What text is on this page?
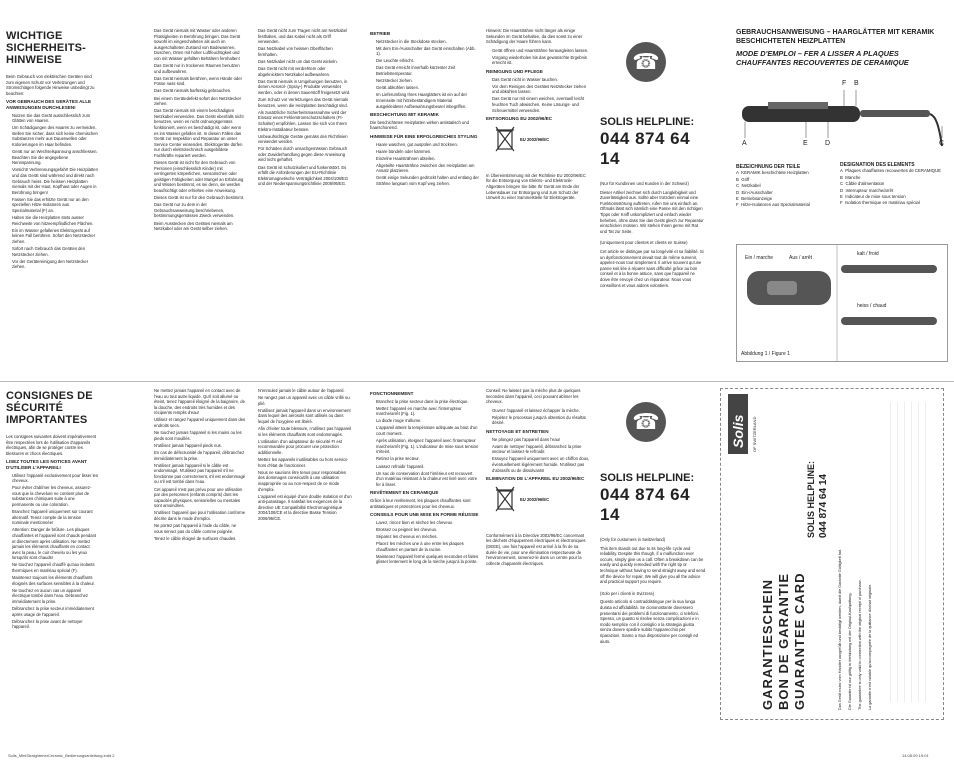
WICHTIGE SICHERHEITS-HINWEISE

Beim Gebrauch von elektrischen Geräten sind zum eigenen Schutz vor Verletzungen und Stromschlägen folgende Hinweise unbedingt zu beachten:

VOR GEBRAUCH DES GERÄTES ALLE ANWEISUNGEN DURCHLESEN!
• Nutzen Sie das Gerät ausschliesslich zum Glätten von Haaren.
• Um Schädigungen des Haares zu vermeiden, stellen Sie sicher, dass sich keine chemischen Substanzen mehr aus Dauerwellen oder Kolorierungen im Haar befinden.
• Gerät nur an Wechselspannung anschliessen. Beachten Sie die angegebene Nennspannung.
• Vorsicht! Verbrennungsgefahr! Die Heizplatten und das Gerät sind während und direkt nach Gebrauch heiss. Die heissen Heizplatten niemals mit der Haut, Kopfhaut oder Augen in Berührung bringen!
• Fassen Sie das erhitzte Gerät nur an den speziellen Hitze-Isolatoren aus Spezialmaterial (F) an.
• Halten Sie die Heizplatten stets ausser Reichweite von hitzeempfindlichen Flächen.
• Ein im Wasser gefallenes Elektrogerät auf keinen Fall berühren. Sofort den Netzstecker ziehen.
• Sofort nach Gebrauch das Gerätes den Netzstecker ziehen.
• Vor der Gerätereinigung den Netzstecker ziehen.
• Das Gerät niemals mit Wasser oder anderen Flüssigkeiten in Berührung bringen. Das Gerät sowohl im eingeschalteten als auch im ausgeschalteten Zustand von Badewannen, Duschen, Orten mit hoher Luftfeuchtigkeit und von mit Wasser gefüllten Behältern fernhalten!
• Das Gerät nur in trockenen Räumen benutzen und aufbewahren.
• Das Gerät niemals berühren, wenn Hände oder Füsse nass sind.
• Das Gerät niemals barfüssig gebrauchen.
• Bei einem Gerätedefekt sofort den Netzstecker ziehen.
• Das Gerät niemals mit einem beschädigten Netzkabel verwenden. Das Gerät ebenfalls nicht benutzen, wenn es nicht ordnungsgemäss funktioniert, wenn es beschädigt ist, oder wenn es ins Wasser gefallen ist. In diesen Fällen das Gerät zur Inspektion und Reparatur an unser Service Center einsenden. Elektrogeräte dürfen nur durch elektrotechnisch ausgebildete Fachkräfte repariert werden.
• Dieses Gerät ist nicht für den Gebrauch von Personen (einschliesslich Kinder) mit verringerten körperlichen, sensorischen oder geistigen Fähigkeiten oder Mangel an Erfahrung und Wissen bestimmt, es sei denn, sie werden beaufsichtigt oder erhielten eine Anweisung.
• Dieses Gerät ist nur für den Gebrauch bestimmt.
• Das Gerät nur zu dem in der Gebrauchsanweisung beschriebenen, bestimmungsgemässen Zweck verwenden.
• Beim Ausstecken des Gerätes niemals am Netzkabel oder am Gerät selber ziehen.
• Das Gerät nicht zum Tragen nicht am Netzkabel festhalten, und das Kabel nicht als Griff verwenden.
• Das Netzkabel von heissen Oberflächen fernhalten.
• Das Netzkabel nicht um das Gerät wickeln.
• Das Gerät nicht mit verdrehtem oder abgeknicktem Netzkabel aufbewahren.
• Das Gerät niemals in Umgebungen benutzen, in denen Aerosol- (Spray-) Produkte verwendet werden, oder in denen Sauerstoff freigesetzt wird.
• Zum Schutz vor Verletzungen das Gerät niemals benutzen, wenn die Heizplatten beschädigt sind.
• Als zusätzliche Sicherheitsmassnahme wird der Einsatz eines Fehlerstromschutzschalters (FI-Schalter) empfohlen. Lassen Sie sich von Ihrem Elektro-Installateur beraten.
• Unbeaufsichtigte Geräte gemäss den Richtlinien verwendet werden.
• Für Schäden durch unsachgemässen Gebrauch oder Zuwiderhandlung gegen diese Anweisung wird nicht gehaftet.
• Das Gerät ist schutzisoliert und funkentstört. Es erfüllt die Anforderungen der EU-Richtlinie Elektromagnetische Verträglichkeit 2004/108/EG und der Niederspannungsrichtlinie 2006/95/EG.
BETRIEB
• Netzstecker in die Steckdose stecken.
• Mit dem Ein-/Ausschalter das Gerät einschalten (Abb. 1).
• Die Leuchte erlischt.
• Das Gerät erreicht innerhalb kürzester Zeit Betriebstemperatur.
• Netzstecker ziehen.
• Gerät abkühlen lassen.
• Im Lieferumfang Ihres Haarglätters ist ein auf der Innenseite mit hitzebeständigem Material ausgekleideter Aufbewahrungsbeutel inbegriffen.
BESCHICHTUNG MIT KERAMIK

Die beschichteten Heizplatten wirken antistatisch und haarschonend.

HINWEISE FÜR EINE ERFOLGREICHES STYLING
• Haare waschen, gut auspülen und trocknen.
• Haare bündeln oder kämmen.
• Einzelne Haarsträhnen abteilen.
• Abgeteilte Haarsträhne zwischen den Heizplatten am Ansatz platzieren.
• Gerät einige Sekunden gedrückt halten und entlang der Strähne langsam vom Kopf weg ziehen.

Hinweis: Die Haarsträhne nicht länger als einige Sekunden im Gerät behalten, da dies sonst zu einer Schädigung der Haare führen kann.

• Gerät öffnen und Haarsträhne herausgleiten lassen.
• Vorgang wiederholen bis das gewünschte Ergebnis erreicht ist.
REINIGUNG UND PFLEGE
• Das Gerät nicht in Wasser tauchen.
• Vor dem Reinigen des Gerätes Netzstecker ziehen und abkühlen lassen.
• Das Gerät nur mit einem weichen, eventuell leicht feuchten Tuch abwischen. Keine Lösungs- und Scheuermittel verwenden.
ENTSORGUNG EU 2002/96/EC
EU 2002/96/EC

In Übereinstimmung mit der Richtlinie EU 2002/96/EC für die Entsorgung von Elektro- und Elektronik-Altgeräten bringen Sie bitte Ihr Gerät am Ende der Lebensdauer zur Entsorgung und zum Schutz der Umwelt zu einer Sammelstelle für Elektrogeräte.

☎
SOLIS HELPLINE:
044 874 64 14
(Nur für Kundinnen und Kunden in der Schweiz)
Dieser Artikel zeichnet sich durch Langlebigkeit und Zuverlässigkeit aus. Sollte aber trotzdem einmal eine Funktionsstörung auftreten, rufen Sie uns einfach an. Oftmals lässt sich nämlich eine Panne mit den richtigen Tipps oder Kniff unkompliziert und einfach wieder beheben, ohne dass Sie das Gerät gleich zur Reparatur einschicken müssen. Wir stehen Ihnen gerne mit Rat und Tat zur Seite.
(Uniquement pour clientes et clients en Suisse)
Cet article se distingue par sa longévité et sa fiabilité. Si un dysfonctionnement devait tout de même survenir, appelez-nous tout simplement. Il arrive souvent qu'une panne soit liée à réparer sans difficulté grâce au bon conseil et à la bonne astuce, sans que l'appareil ne doive être envoyé chez un réparateur. Nous vous conseillons et vous aidons volontiers.
GEBRAUCHSANWEISUNG – HAARGLÄTTER MIT KERAMIK BESCHICHTETEN HEIZPLATTEN
MODE D'EMPLOI – FER A LISSER A PLAQUES CHAUFFANTES RECOUVERTES DE CERAMIQUE
F B
A	E D	C
BEZEICHNUNG DER TEILE
A KERAMIK beschichtete Heizplatten
B Griff
C Netzkabel
D Ein-/Ausschalter
E Betriebsanzeige
F Hitze-Isolatoren aus Spezialmaterial
DESIGNATION DES ELEMENTS
A Plaques chauffantes recouvertes de CERAMIQUE
B Manche
C Câble d'alimentation
D Interrupteur marche/arrêt
E Indicateur de mise sous tension
F Isolation thermique en matériau spécial
Ein / marche	Aus / arrêt
kalt / froid
heiss / chaud
Abbildung 1 / Figure 1
CONSIGNES DE SÉCURITÉ IMPORTANTES

Les consignes suivantes doivent impérativement être respectées lors de l'utilisation d'appareils électriques, afin de se protéger contre les blessures et chocs électriques.

LISEZ TOUTES LES NOTICES AVANT D'UTILISER L'APPAREIL!
• Utilisez l'appareil exclusivement pour lisser les cheveux.
• Pour éviter d'abîmer les cheveux, assurez-vous que la chevelure ne contient plus de substances chimiques suite à une permanente ou une coloration.
• Branchez l'appareil uniquement sur courant alternatif. Tenez compte de la tension nominale mentionnée!
• Attention: Danger de brûlure. Les plaques chauffantes et l'appareil sont chauds pendant et directement après utilisation. Ne mettez jamais les éléments chauffants en contact avec la peau, le cuir chevelu ou les yeux lorsqu'ils sont chauds!
• Ne touchez l'appareil chauffé qu'aux isolants thermiques en matériau spécial (F).
• Maintenez toujours les éléments chauffants éloignés des surfaces sensibles à la chaleur.
• Ne touchez en aucun cas un appareil électrique tombé dans l'eau. Débranchez immédiatement la prise.
• Débranchez la prise secteur immédiatement après usage de l'appareil.
• Débranchez la prise avant de nettoyer l'appareil.
• Ne mettez jamais l'appareil en contact avec de l'eau ou tout autre liquide. Qu'il soit allumé ou éteint, tenez l'appareil éloigné de la baignoire, de la douche, des endroits très humides et des récipients remplis d'eau!
• Utilisez et rangez l'appareil uniquement dans des endroits secs.
• Ne touchez jamais l'appareil si les mains ou les pieds sont mouillés.
• N'utilisez jamais l'appareil pieds nus.
• En cas de défectuosité de l'appareil, débranchez immédiatement la prise.
• N'utilisez jamais l'appareil si le câble est endommagé. N'utilisez pas l'appareil s'il ne fonctionne pas correctement, s'il est endommagé ou s'il est tombé dans l'eau.
• Cet appareil n'est pas prévu pour une utilisation par des personnes (enfants compris) dont les capacités physiques, sensorielles ou mentales sont amoindries.
• N'utilisez l'appareil que pour l'utilisation conforme décrite dans le mode d'emploi.
• Ne portez pas l'appareil à l'aide du câble, ne vous servez pas du câble comme poignée.
• Tenez le câble éloigné de surfaces chaudes.
• N'enroulez jamais le câble autour de l'appareil.
• Ne rangez pas un appareil avec un câble vrillé ou plié.
• N'utilisez jamais l'appareil dans un environnement dans lequel des aérosols sont utilisés ou dans lequel de l'oxygène est libéré.
• Afin d'éviter toute blessure, n'utilisez pas l'appareil si les éléments chauffants sont endommagés.
• L'utilisation d'un adaptateur de sécurité FI est recommandée pour procurer une protection additionnelle.
• Mettez les appareils inutilisables ou hors service hors d'état de fonctionner.
• Nous ne saurions être tenus pour responsables des dommages consécutifs à une utilisation inappropriée ou au non-respect de ce mode d'emploi.
• L'appareil est équipé d'une double isolation et d'un anti-parasitage. Il satisfait les exigences de la directive UE Compatibilité Electromagnétique 2004/108/CE et la directive Basse Tension 2006/95/CE.
FONCTIONNEMENT
• Branchez la prise secteur dans la prise électrique.
• Mettez l'appareil en marche avec l'interrupteur marche/arrêt (Fig. 1).
• La diode rouge s'allume.
• L'appareil atteint la température adéquate au bout d'un court moment.
• Après utilisation, éteignez l'appareil avec l'interrupteur marche/arrêt (Fig. 1). L'indicateur de mise sous tension s'éteint.
• Retirez la prise secteur.
• Laissez refroidir l'appareil.
• Un sac de conservation dont l'intérieur est recouvert d'un matériau résistant à la chaleur est livré avec votre fer à lisser.
REVÊTEMENT EN CERAMIQUE

Grâce à leur revêtement, les plaques chauffantes sont antistatiques et protectrices pour les cheveux.

CONSEILS POUR UNE MISE EN FORME RÉUSSIE
• Lavez, rincez bien et séchez les cheveux.
• Brossez ou peignez les cheveux.
• Séparez les cheveux en mèches.
• Placez les mèches une à une entre les plaques chauffantes en partant de la racine.
• Maintenez l'appareil fermé quelques secondes et faites glisser lentement le long de la mèche jusqu'à la pointe.

Conseil: Ne laissez pas la mèche plus de quelques secondes dans l'appareil, ceci pouvant abîmer les cheveux.

• Ouvrez l'appareil et laissez échapper la mèche.
• Répétez le processus jusqu'à obtention du résultat désiré.
NETTOYAGE ET ENTRETIEN
• Ne plongez pas l'appareil dans l'eau!
• Avant de nettoyer l'appareil, débranchez la prise secteur et laissez-le refroidir.
• Essuyez l'appareil uniquement avec un chiffon doux, éventuellement légèrement humide. N'utilisez pas d'abrasifs ou de dissolvants!
ELIMINATION DE L'APPAREIL EU 2002/96/EC
EU 2002/96/EC

Conformément à la Directive 2002/96/EC concernant les déchets d'équipement électriques et électroniques (DEEE), une fois l'appareil est arrivé à la fin de sa durée de vie, pour une élimination respectueuse de l'environnement, ramenez-le dans un centre pour la collecte d'appareils électriques.

☎
SOLIS HELPLINE:
044 874 64 14
(Only for customers in Switzerland)
This item stands out due to its long-life cycle and reliability. Despite this though, if a malfunction ever occurs, simply give us a call. Often a breakdown can be easily and quickly remedied with the right tip or technique without having to send straight away and send off the device for repair. We will give you all the advice and practical support you require.
(Solo per i clienti in Svizzera)
Questo articolo si contraddistingue per la sua lunga durata ed affidabilità. Se ciononostante dovessero presentarsi dei problemi di funzionamento, ci telefoni. Spesso, un guasto si risolve senza complicazioni e in modo semplice con il consiglio o la strategia giusta senza dovere spedire subito l'apparecchio per riparazioni. Siamo a Sua disposizione per consigli ed aiuto.
Solis OF SWITZERLAND
GARANTIESCHEIN BON DE GARANTIE GUARANTEE CARD
SOLIS HELPLINE: 044 874 64 14
Das Gerät muss vom Händler ausgefüllt und bestätigt werden, damit die Garantie Gültigkeit hat. Die Garantie ist nur gültig in Verbindung mit der Original-Kaufquittung. The guarantee is only valid in connection with the original receipt of purchase. La garantie n'est valable qu'accompagnée de la quittance d'achat originale.
Solis_MiniStraightenerCeramic_Bedienungsanleitung.indd 2	14.08.09 19:01
